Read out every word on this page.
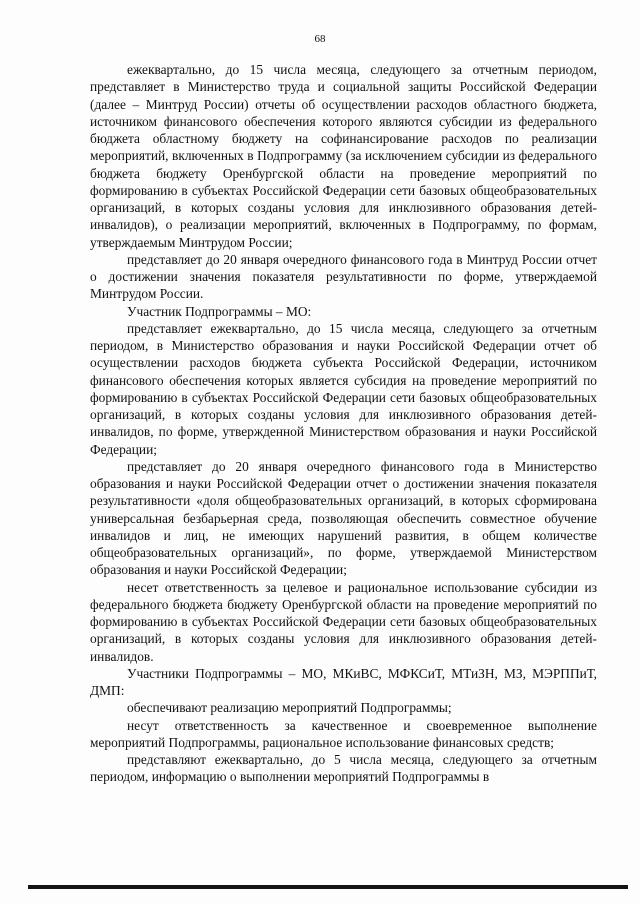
68

ежеквартально, до 15 числа месяца, следующего за отчетным периодом, представляет в Министерство труда и социальной защиты Российской Федерации (далее – Минтруд России) отчеты об осуществлении расходов областного бюджета, источником финансового обеспечения которого являются субсидии из федерального бюджета областному бюджету на софинансирование расходов по реализации мероприятий, включенных в Подпрограмму (за исключением субсидии из федерального бюджета бюджету Оренбургской области на проведение мероприятий по формированию в субъектах Российской Федерации сети базовых общеобразовательных организаций, в которых созданы условия для инклюзивного образования детей-инвалидов), о реализации мероприятий, включенных в Подпрограмму, по формам, утверждаемым Минтрудом России;

представляет до 20 января очередного финансового года в Минтруд России отчет о достижении значения показателя результативности по форме, утверждаемой Минтрудом России.

Участник Подпрограммы – МО:

представляет ежеквартально, до 15 числа месяца, следующего за отчетным периодом, в Министерство образования и науки Российской Федерации отчет об осуществлении расходов бюджета субъекта Российской Федерации, источником финансового обеспечения которых является субсидия на проведение мероприятий по формированию в субъектах Российской Федерации сети базовых общеобразовательных организаций, в которых созданы условия для инклюзивного образования детей-инвалидов, по форме, утвержденной Министерством образования и науки Российской Федерации;

представляет до 20 января очередного финансового года в Министерство образования и науки Российской Федерации отчет о достижении значения показателя результативности «доля общеобразовательных организаций, в которых сформирована универсальная безбарьерная среда, позволяющая обеспечить совместное обучение инвалидов и лиц, не имеющих нарушений развития, в общем количестве общеобразовательных организаций», по форме, утверждаемой Министерством образования и науки Российской Федерации;

несет ответственность за целевое и рациональное использование субсидии из федерального бюджета бюджету Оренбургской области на проведение мероприятий по формированию в субъектах Российской Федерации сети базовых общеобразовательных организаций, в которых созданы условия для инклюзивного образования детей-инвалидов.

Участники Подпрограммы – МО, МКиВС, МФКСиТ, МТиЗН, МЗ, МЭРППиТ, ДМП:

обеспечивают реализацию мероприятий Подпрограммы;

несут ответственность за качественное и своевременное выполнение мероприятий Подпрограммы, рациональное использование финансовых средств;

представляют ежеквартально, до 5 числа месяца, следующего за отчетным периодом, информацию о выполнении мероприятий Подпрограммы в
